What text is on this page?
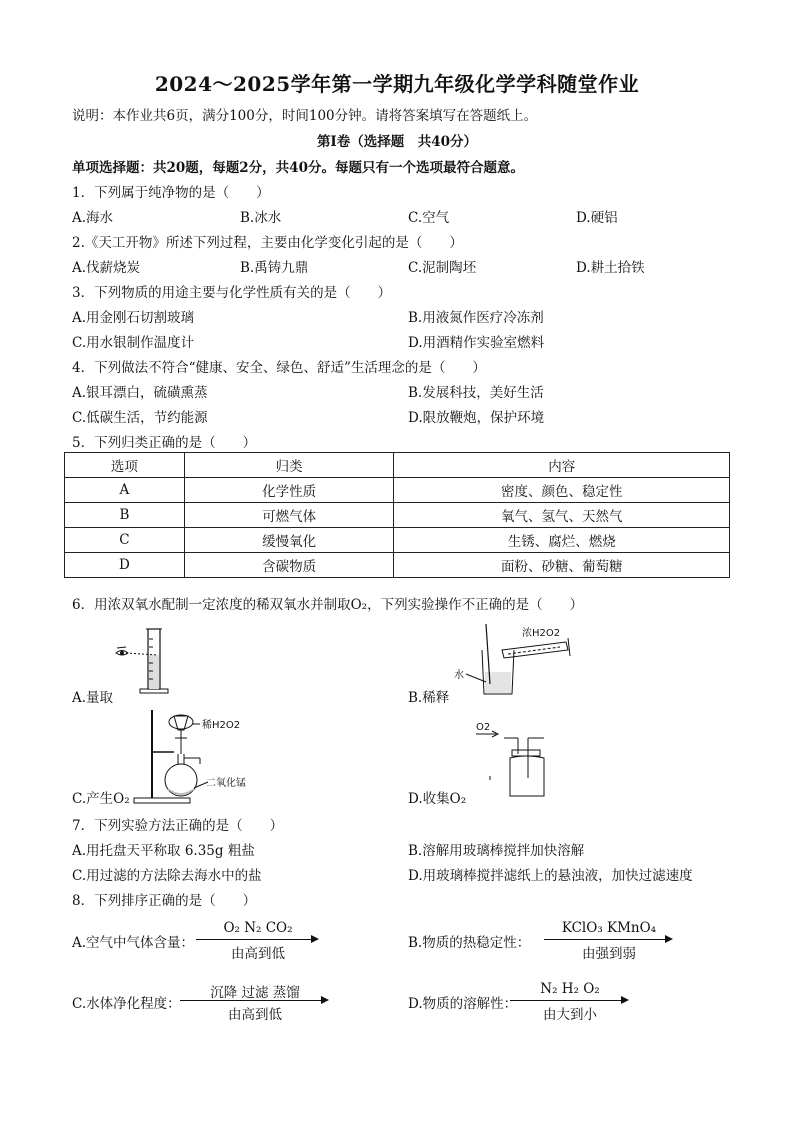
2024～2025学年第一学期九年级化学学科随堂作业
说明：本作业共6页，满分100分，时间100分钟。请将答案填写在答题纸上。
第Ⅰ卷（选择题　共40分）
单项选择题：共20题，每题2分，共40分。每题只有一个选项最符合题意。
1．下列属于纯净物的是（　　）
A.海水	B.冰水	C.空气	D.硬铝
2.《天工开物》所述下列过程，主要由化学变化引起的是（　　）
A.伐薪烧炭	B.禹铸九鼎	C.泥制陶坯	D.耕土拾铁
3．下列物质的用途主要与化学性质有关的是（　　）
A.用金刚石切割玻璃	B.用液氮作医疗冷冻剂
C.用水银制作温度计	D.用酒精作实验室燃料
4．下列做法不符合“健康、安全、绿色、舒适”生活理念的是（　　）
A.银耳漂白，硫磺熏蒸	B.发展科技，美好生活
C.低碳生活，节约能源	D.限放鞭炮，保护环境
5．下列归类正确的是（　　）
选项	归类	内容
A	化学性质	密度、颜色、稳定性
B	可燃气体	氧气、氢气、天然气
C	缓慢氧化	生锈、腐烂、燃烧
D	含碳物质	面粉、砂糖、葡萄糖
6．用浓双氧水配制一定浓度的稀双氧水并制取O₂，下列实验操作不正确的是（　　）
A.量取
浓H2O2
水
B.稀释
稀H2O2
二氧化锰
C.产生O₂
O2
D.收集O₂
7．下列实验方法正确的是（　　）
A.用托盘天平称取 6.35g 粗盐	B.溶解用玻璃棒搅拌加快溶解
C.用过滤的方法除去海水中的盐	D.用玻璃棒搅拌滤纸上的悬浊液，加快过滤速度
8．下列排序正确的是（　　）
A.空气中气体含量：
O₂ N₂ CO₂
由高到低
B.物质的热稳定性：
KClO₃ KMnO₄
由强到弱
C.水体净化程度：
沉降 过滤 蒸馏
由高到低
D.物质的溶解性：
N₂ H₂ O₂
由大到小
